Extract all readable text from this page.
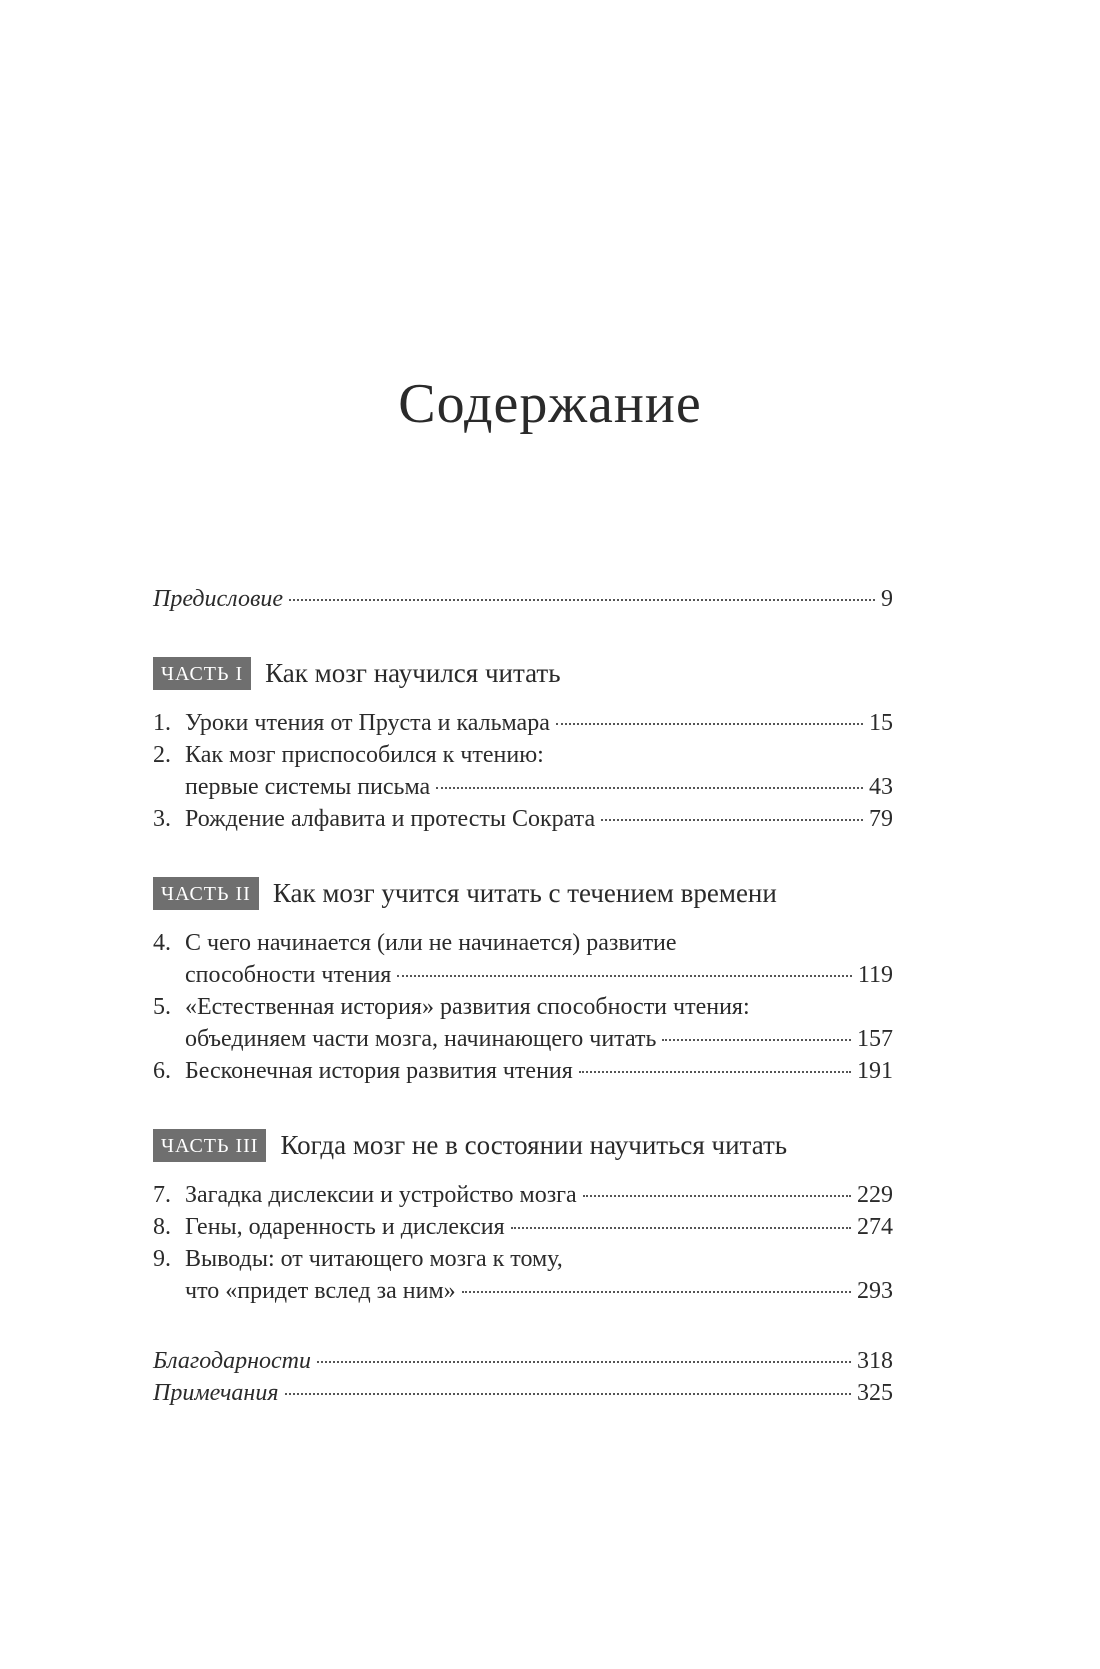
Содержание
Предисловие	9
ЧАСТЬ I Как мозг научился читать
1. Уроки чтения от Пруста и кальмара	15
2. Как мозг приспособился к чтению:
первые системы письма	43
3. Рождение алфавита и протесты Сократа	79
ЧАСТЬ II Как мозг учится читать с течением времени
4. С чего начинается (или не начинается) развитие
способности чтения	119
5. «Естественная история» развития способности чтения:
объединяем части мозга, начинающего читать	157
6. Бесконечная история развития чтения	191
ЧАСТЬ III Когда мозг не в состоянии научиться читать
7. Загадка дислексии и устройство мозга	229
8. Гены, одаренность и дислексия	274
9. Выводы: от читающего мозга к тому,
что «придет вслед за ним»	293
Благодарности	318
Примечания	325
